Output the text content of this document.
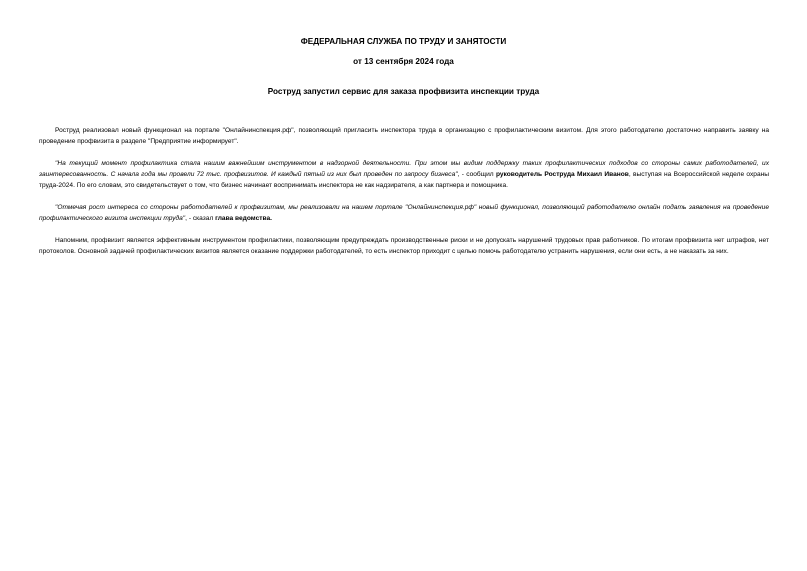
ФЕДЕРАЛЬНАЯ СЛУЖБА ПО ТРУДУ И ЗАНЯТОСТИ
от 13 сентября 2024 года
Роструд запустил сервис для заказа профвизита инспекции труда

Роструд реализовал новый функционал на портале "Онлайнинспекция.рф", позволяющий пригласить инспектора труда в организацию с профилактическим визитом. Для этого работодателю достаточно направить заявку на проведение профвизита в разделе "Предприятие информирует".

"На текущий момент профилактика стала нашим важнейшим инструментом в надзорной деятельности. При этом мы видим поддержку таких профилактических подходов со стороны самих работодателей, их заинтересованность. С начала года мы провели 72 тыс. профвизитов. И каждый пятый из них был проведен по запросу бизнеса", - сообщил руководитель Роструда Михаил Иванов, выступая на Всероссийской неделе охраны труда-2024. По его словам, это свидетельствует о том, что бизнес начинает воспринимать инспектора не как надзирателя, а как партнера и помощника.

"Отмечая рост интереса со стороны работодателей к профвизитам, мы реализовали на нашем портале "Онлайнинспекция.рф" новый функционал, позволяющий работодателю онлайн подать заявления на проведение профилактического визита инспекции труда", - сказал глава ведомства.

Напомним, профвизит является эффективным инструментом профилактики, позволяющим предупреждать производственные риски и не допускать нарушений трудовых прав работников. По итогам профвизита нет штрафов, нет протоколов. Основной задачей профилактических визитов является оказание поддержки работодателей, то есть инспектор приходит с целью помочь работодателю устранить нарушения, если они есть, а не наказать за них.
